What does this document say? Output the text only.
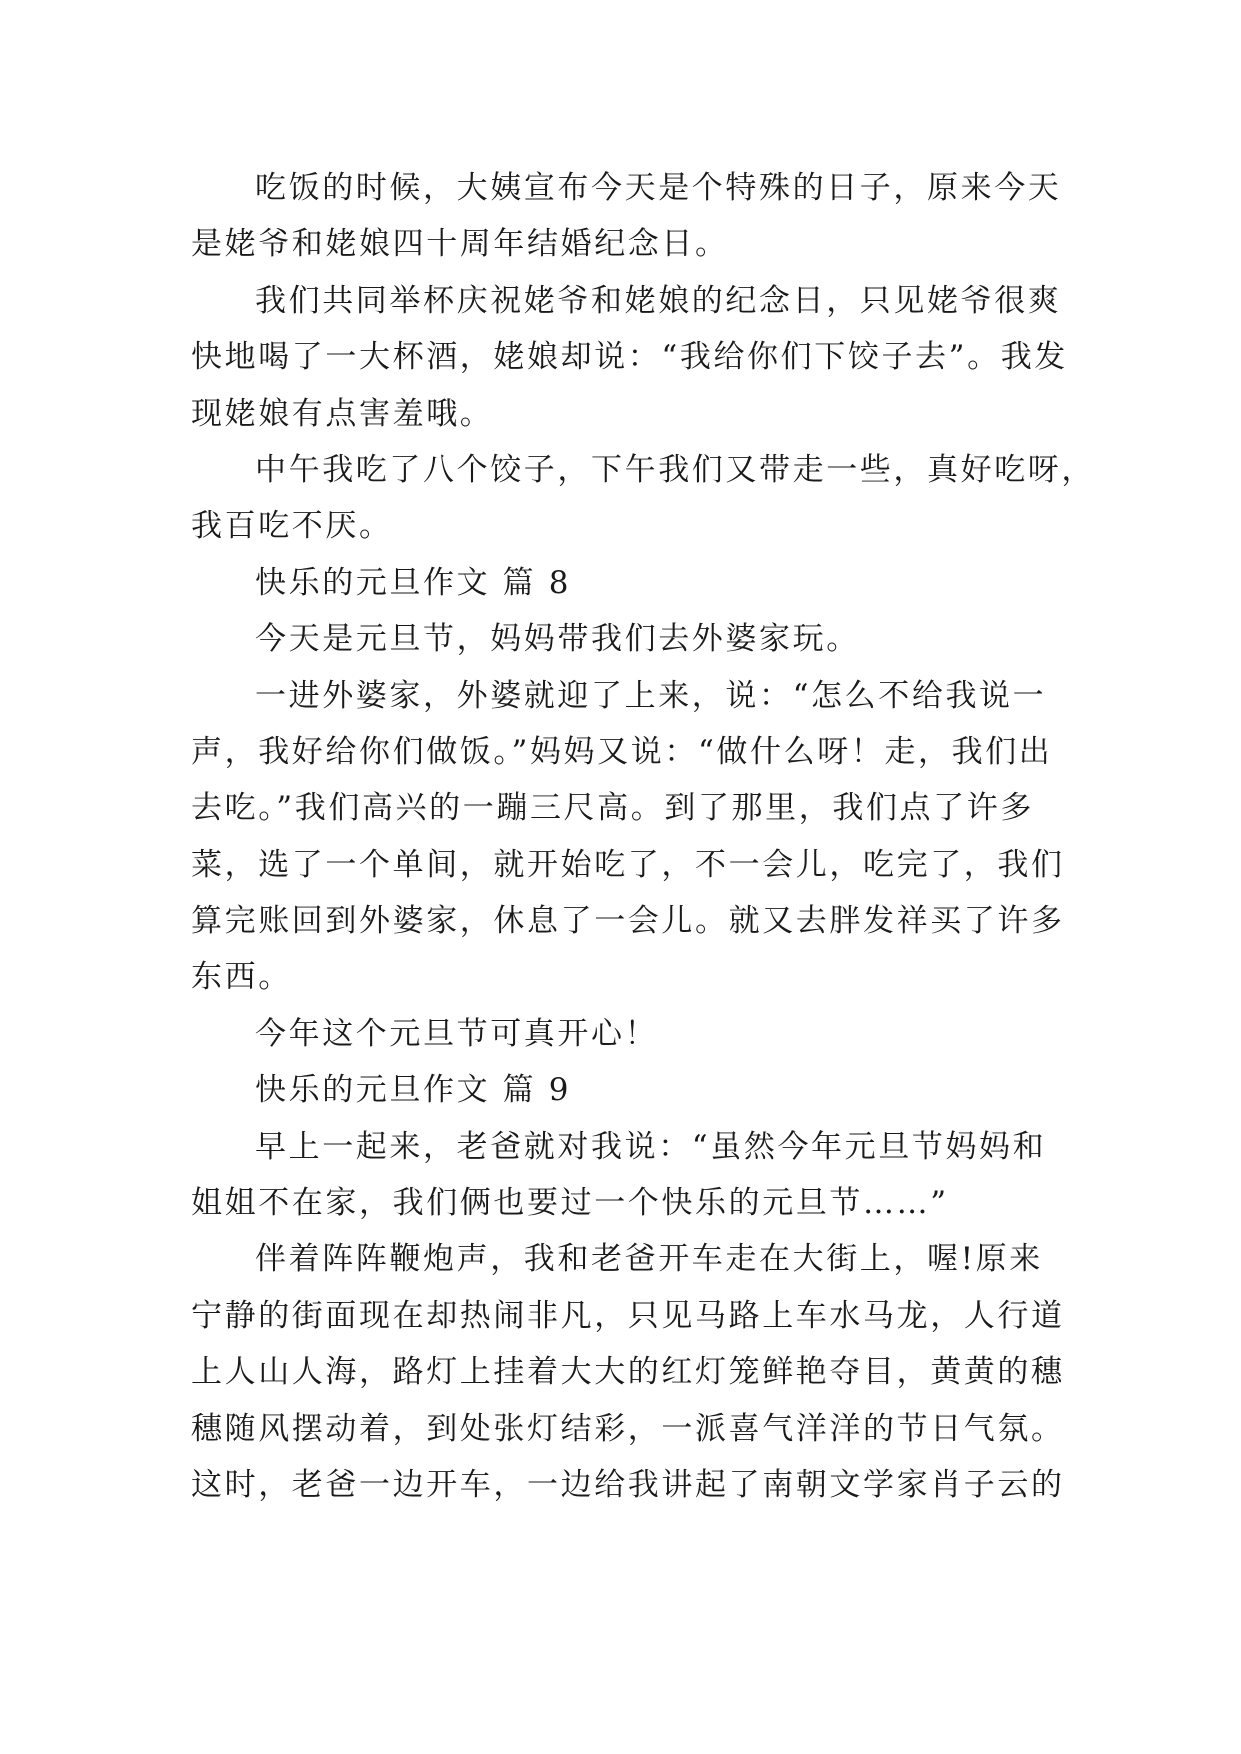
吃饭的时候，大姨宣布今天是个特殊的日子，原来今天
是姥爷和姥娘四十周年结婚纪念日。
我们共同举杯庆祝姥爷和姥娘的纪念日，只见姥爷很爽
快地喝了一大杯酒，姥娘却说：“我给你们下饺子去”。我发
现姥娘有点害羞哦。
中午我吃了八个饺子，下午我们又带走一些，真好吃呀，
我百吃不厌。
快乐的元旦作文 篇 8
今天是元旦节，妈妈带我们去外婆家玩。
一进外婆家，外婆就迎了上来，说：“怎么不给我说一
声，我好给你们做饭。”妈妈又说：“做什么呀！走，我们出
去吃。”我们高兴的一蹦三尺高。到了那里，我们点了许多
菜，选了一个单间，就开始吃了，不一会儿，吃完了，我们
算完账回到外婆家，休息了一会儿。就又去胖发祥买了许多
东西。
今年这个元旦节可真开心！
快乐的元旦作文 篇 9
早上一起来，老爸就对我说：“虽然今年元旦节妈妈和
姐姐不在家，我们俩也要过一个快乐的元旦节……”
伴着阵阵鞭炮声，我和老爸开车走在大街上，喔!原来
宁静的街面现在却热闹非凡，只见马路上车水马龙，人行道
上人山人海，路灯上挂着大大的红灯笼鲜艳夺目，黄黄的穗
穗随风摆动着，到处张灯结彩，一派喜气洋洋的节日气氛。
这时，老爸一边开车，一边给我讲起了南朝文学家肖子云的
